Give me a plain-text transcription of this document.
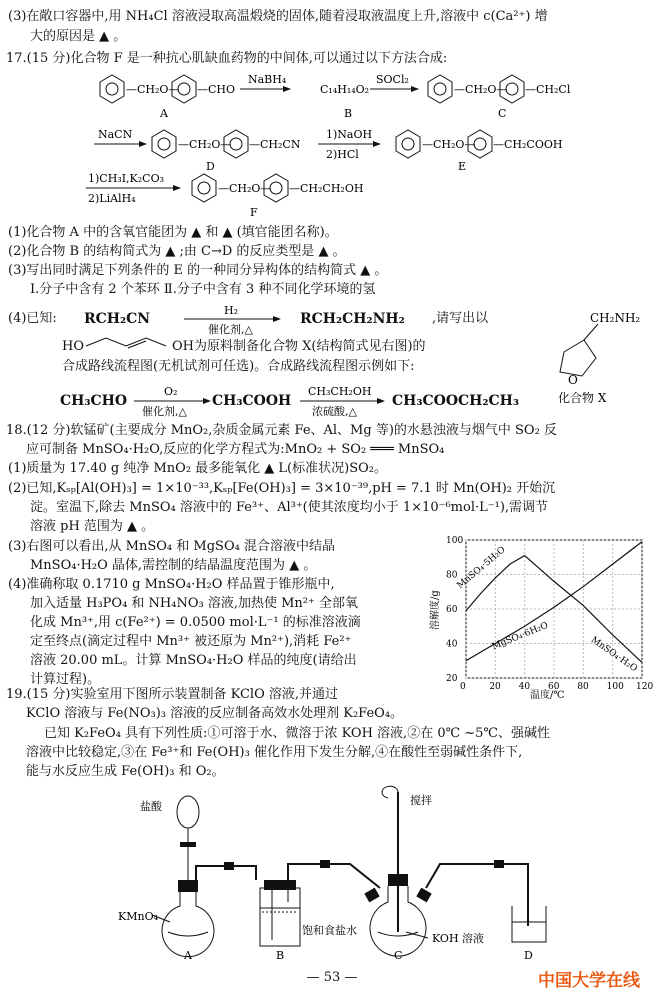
(3)在敞口容器中,用 NH₄Cl 溶液浸取高温煅烧的固体,随着浸取液温度上升,溶液中 c(Ca²⁺) 增
大的原因是 ▲ 。
17.(15 分)化合物 F 是一种抗心肌缺血药物的中间体,可以通过以下方法合成:
—CH₂O— —CHO
A
NaBH₄
C₁₄H₁₄O₂
B
SOCl₂
—CH₂O— —CH₂Cl
C
NaCN
—CH₂O— —CH₂CN
D
1)NaOH
2)HCl
—CH₂O— —CH₂COOH
E
1)CH₃I,K₂CO₃
2)LiAlH₄
—CH₂O— —CH₂CH₂OH
F
(1)化合物 A 中的含氧官能团为 ▲ 和 ▲ (填官能团名称)。
(2)化合物 B 的结构简式为 ▲ ;由 C→D 的反应类型是 ▲ 。
(3)写出同时满足下列条件的 E 的一种同分异构体的结构简式 ▲ 。
Ⅰ.分子中含有 2 个苯环 Ⅱ.分子中含有 3 种不同化学环境的氢
(4)已知: RCH₂CN
H₂
催化剂,△
RCH₂CH₂NH₂ ,请写出以
HO	OH为原料制备化合物 X(结构简式见右图)的
合成路线流程图(无机试剂可任选)。合成路线流程图示例如下:
CH₂NH₂
O
化合物 X
CH₃CHO
O₂
催化剂,△
CH₃COOH
CH₃CH₂OH
浓硫酸,△
CH₃COOCH₂CH₃
18.(12 分)软锰矿(主要成分 MnO₂,杂质金属元素 Fe、Al、Mg 等)的水悬浊液与烟气中 SO₂ 反
应可制备 MnSO₄·H₂O,反应的化学方程式为:MnO₂ + SO₂ ═══ MnSO₄
(1)质量为 17.40 g 纯净 MnO₂ 最多能氧化 ▲ L(标准状况)SO₂。
(2)已知,Kₛₚ[Al(OH)₃] = 1×10⁻³³,Kₛₚ[Fe(OH)₃] = 3×10⁻³⁹,pH = 7.1 时 Mn(OH)₂ 开始沉
淀。室温下,除去 MnSO₄ 溶液中的 Fe³⁺、Al³⁺(使其浓度均小于 1×10⁻⁶mol·L⁻¹),需调节
溶液 pH 范围为 ▲ 。
(3)右图可以看出,从 MnSO₄ 和 MgSO₄ 混合溶液中结晶
MnSO₄·H₂O 晶体,需控制的结晶温度范围为 ▲ 。
(4)准确称取 0.1710 g MnSO₄·H₂O 样品置于锥形瓶中,
加入适量 H₃PO₄ 和 NH₄NO₃ 溶液,加热使 Mn²⁺ 全部氧
化成 Mn³⁺,用 c(Fe²⁺) = 0.0500 mol·L⁻¹ 的标准溶液滴
定至终点(滴定过程中 Mn³⁺ 被还原为 Mn²⁺),消耗 Fe²⁺
溶液 20.00 mL。计算 MnSO₄·H₂O 样品的纯度(请给出
计算过程)。
MnSO₄·5H₂O
MgSO₄·6H₂O	MnSO₄·H₂O
0	20 40 60 80 100 120
20
40
60
80
100
温度/℃
溶解度/g
19.(15 分)实验室用下图所示装置制备 KClO 溶液,并通过
KClO 溶液与 Fe(NO₃)₃ 溶液的反应制备高效水处理剂 K₂FeO₄。
已知 K₂FeO₄ 具有下列性质:①可溶于水、微溶于浓 KOH 溶液,②在 0℃ ~5℃、强碱性
溶液中比较稳定,③在 Fe³⁺和 Fe(OH)₃ 催化作用下发生分解,④在酸性至弱碱性条件下,
能与水反应生成 Fe(OH)₃ 和 O₂。
盐酸
KMnO₄
A
饱和食盐水
B
搅拌
KOH 溶液
C	D
— 53 —	中国大学在线
